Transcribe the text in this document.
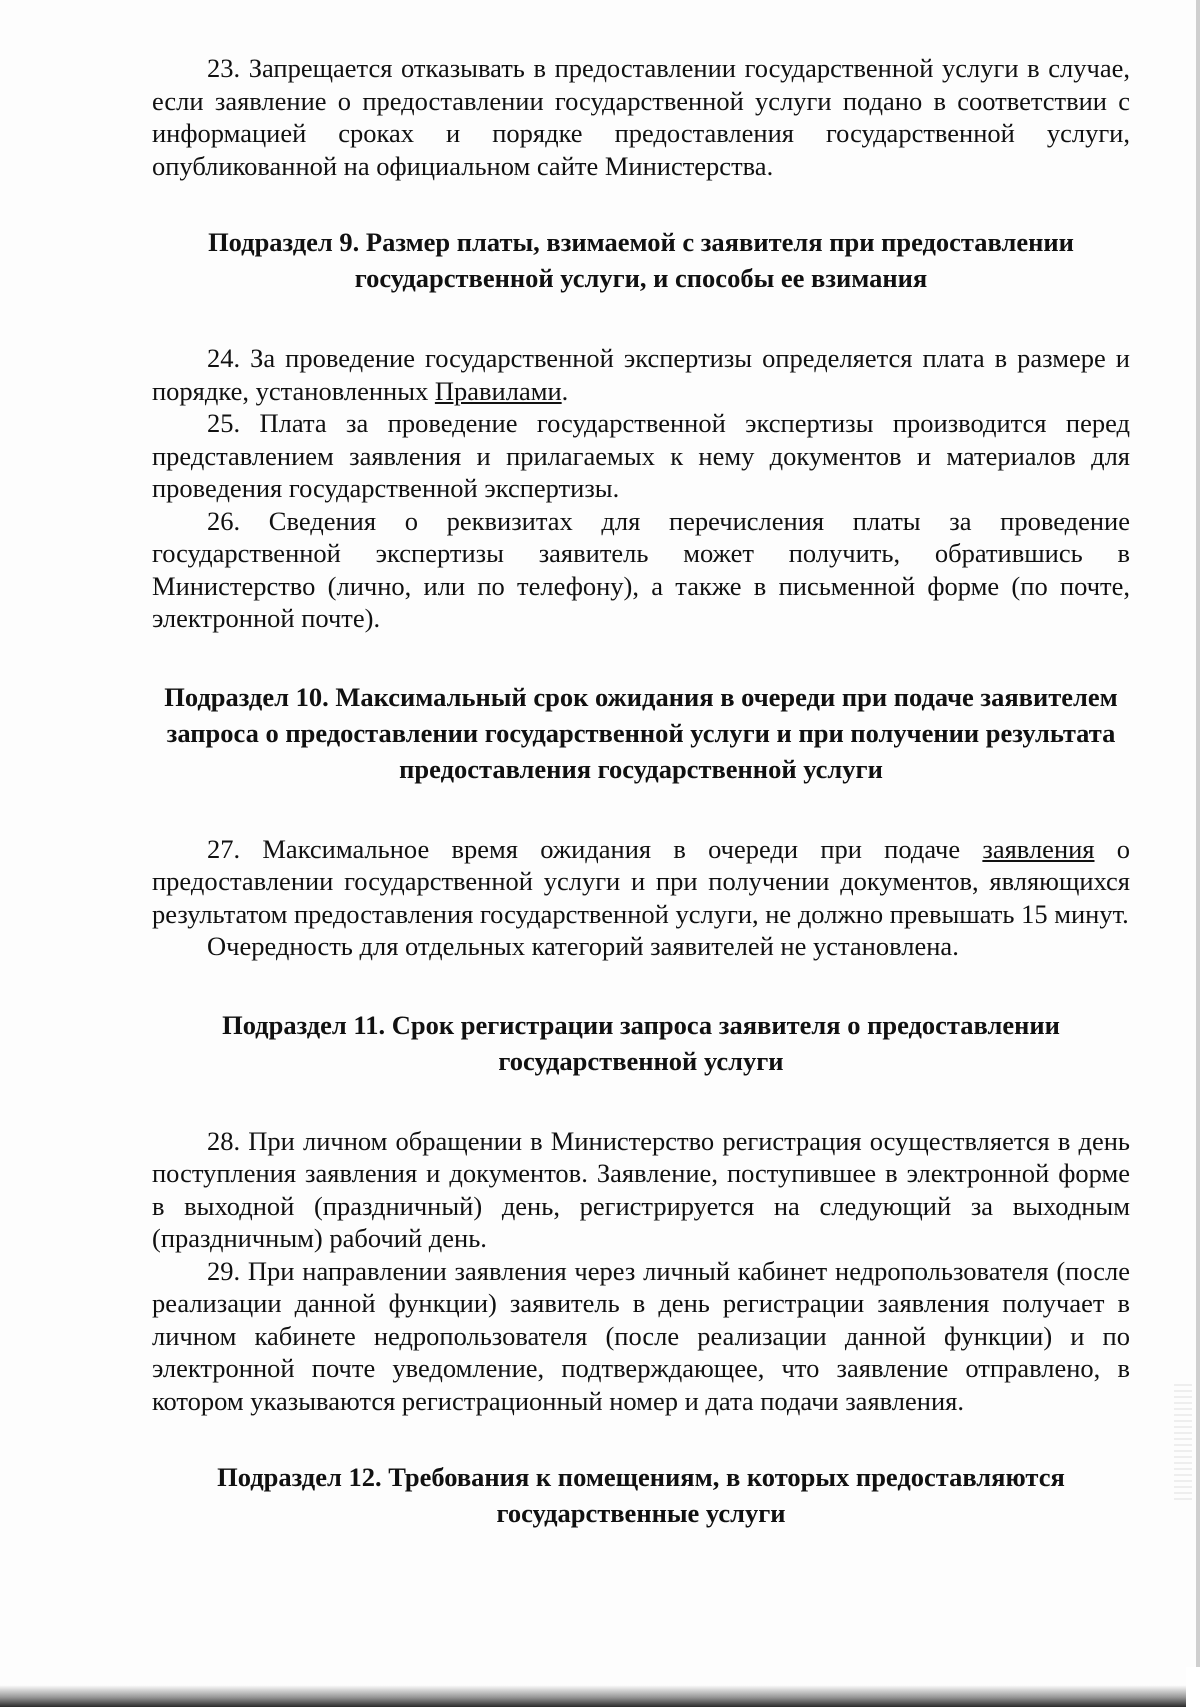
23. Запрещается отказывать в предоставлении государственной услуги в случае, если заявление о предоставлении государственной услуги подано в соответствии с информацией сроках и порядке предоставления государственной услуги, опубликованной на официальном сайте Министерства.

Подраздел 9. Размер платы, взимаемой с заявителя при предоставлении государственной услуги, и способы ее взимания

24. За проведение государственной экспертизы определяется плата в размере и порядке, установленных Правилами.

25. Плата за проведение государственной экспертизы производится перед представлением заявления и прилагаемых к нему документов и материалов для проведения государственной экспертизы.

26. Сведения о реквизитах для перечисления платы за проведение государственной экспертизы заявитель может получить, обратившись в Министерство (лично, или по телефону), а также в письменной форме (по почте, электронной почте).

Подраздел 10. Максимальный срок ожидания в очереди при подаче заявителем запроса о предоставлении государственной услуги и при получении результата предоставления государственной услуги

27. Максимальное время ожидания в очереди при подаче заявления о предоставлении государственной услуги и при получении документов, являющихся результатом предоставления государственной услуги, не должно превышать 15 минут.

Очередность для отдельных категорий заявителей не установлена.

Подраздел 11. Срок регистрации запроса заявителя о предоставлении государственной услуги

28. При личном обращении в Министерство регистрация осуществляется в день поступления заявления и документов. Заявление, поступившее в электронной форме в выходной (праздничный) день, регистрируется на следующий за выходным (праздничным) рабочий день.

29. При направлении заявления через личный кабинет недропользователя (после реализации данной функции) заявитель в день регистрации заявления получает в личном кабинете недропользователя (после реализации данной функции) и по электронной почте уведомление, подтверждающее, что заявление отправлено, в котором указываются регистрационный номер и дата подачи заявления.

Подраздел 12. Требования к помещениям, в которых предоставляются государственные услуги
